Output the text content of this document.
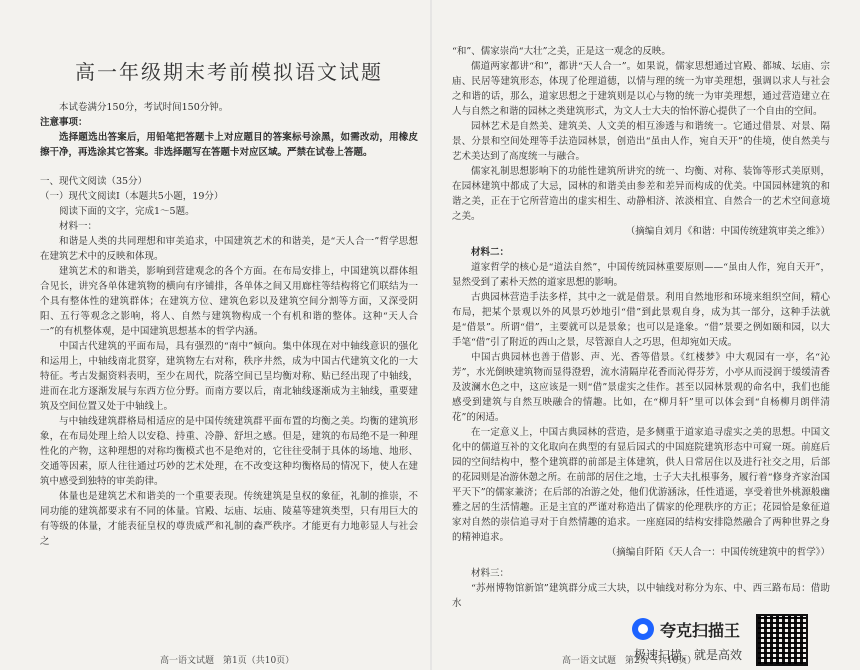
高一年级期末考前模拟语文试题

本试卷满分150分，考试时间150分钟。

注意事项：

选择题选出答案后，用铅笔把答题卡上对应题目的答案标号涂黑，如需改动，用橡皮擦干净，再选涂其它答案。非选择题写在答题卡对应区域。严禁在试卷上答题。

一、现代文阅读（35分）

（一）现代文阅读Ⅰ（本题共5小题，19分）

阅读下面的文字，完成1～5题。

材料一：

和谐是人类的共同理想和审美追求，中国建筑艺术的和谐美，是“天人合一”哲学思想在建筑艺术中的反映和体现。

建筑艺术的和谐美，影响到营建观念的各个方面。在布局安排上，中国建筑以群体组合见长，讲究各单体建筑物的横向有序铺排，各单体之间又用廊柱等结构将它们联结为一个具有整体性的建筑群体；在建筑方位、建筑色彩以及建筑空间分割等方面，又深受阴阳、五行等观念之影响，将人、自然与建筑物构成一个有机和谐的整体。这种“天人合一”的有机整体观，是中国建筑思想基本的哲学内涵。

中国古代建筑的平面布局，具有强烈的“南中”倾向。集中体现在对中轴线意识的强化和运用上，中轴线南北贯穿，建筑物左右对称，秩序井然，成为中国古代建筑文化的一大特征。考古发掘资料表明，至少在周代，院落空间已呈均衡对称、贴已经出现了中轴线，进而在北方逐渐发展与东西方位分野。而南方要以后，南北轴线逐渐成为主轴线，重要建筑及空间位置又处于中轴线上。

与中轴线建筑群格局相适应的是中国传统建筑群平面布置的均衡之美。均衡的建筑形象，在布局处理上给人以安稳、持重、冷静、舒坦之感。但是，建筑的布局绝不是一种理性化的产物，这种理想的对称均衡模式也不是绝对的，它往往受制于具体的场地、地形、交通等因素，原人往往通过巧妙的艺术处理，在不改变这种均衡格局的情况下，使人在建筑中感受到独特的审美韵律。

体量也是建筑艺术和谐美的一个重要表现。传统建筑是皇权的象征，礼制的推崇，不同功能的建筑都要求有不同的体量。官殿、坛庙、坛庙、陵墓等建筑类型，只有用巨大的有等级的体量，才能表征皇权的尊贵威严和礼制的森严秩序。才能更有力地彰显人与社会之

高一语文试题　第1页（共10页）

“和”、儒家崇尚“大壮”之美，正是这一观念的反映。

儒道两家都讲“和”，都讲“天人合一”。如果说，儒家思想通过官殿、都城、坛庙、宗庙、民居等建筑形态，体现了伦理道德，以情与理的统一为审美理想，强调以求人与社会之和谐的话，那么，道家思想之于建筑则是以心与物的统一为审美理想，通过营造建立在人与自然之和谐的园林之类建筑形式，为文人士大夫的怡怀游心提供了一个自由的空间。

园林艺术是自然美、建筑美、人文美的相互渗透与和谐统一。它通过借景、对景、隔景、分景和空间处理等手法造园林景，创造出“虽由人作，宛自天开”的佳境，使自然美与艺术美达到了高度统一与融合。

儒家礼制思想影响下的功能性建筑所讲究的统一、均衡、对称、装饰等形式美原则，在园林建筑中都成了大忌，园林的和谐美由参差和差异而构成的优美。中国园林建筑的和谐之美，正在于它所营造出的虚实相生、动静相济、浓淡相宜、自然合一的艺术空间意境之美。

（摘编自刘月《和谐：中国传统建筑审美之维》）

材料二：

道家哲学的核心是“道法自然”，中国传统园林重要原则——“虽由人作，宛自天开”，显然受到了素朴天然的道家思想的影响。

古典园林营造手法多样，其中之一就是借景。利用自然地形和环境来组织空间，精心布局，把某个景观以外的风景巧妙地引“借”到此景观自身，成为其一部分，这种手法就是“借景”。所谓“借”，主要就可以是景象；也可以是逢象。“借”景要之例如颐和园，以大手笔“借”引了附近的西山之景，尽管源自人之巧思，但却宛如天成。

中国古典园林也善于借影、声、光、香等借景。《红楼梦》中大观园有一亭，名“沁芳”，水光倒映建筑物而显得澄碧，流水清隔岸花香而沁得芬芳，小亭从而浸润于缓缓清香及波澜水色之中，这应该是一则“借”景虚实之佳作。甚至以园林景观的命名中，我们也能感受到建筑与自然互映融合的情趣。比如，在“柳月轩”里可以体会到“自杨柳月朗伴清花”的闲适。

在一定意义上，中国古典园林的营造，是多侧重于道家追寻虚实之美的思想。中国文化中的儒道互补的文化取向在典型的有显后园式的中国庭院建筑形态中可窥一斑。前庭后园的空间结构中，整个建筑群的前部是主体建筑，供人日常居住以及进行社交之用，后部的花园则是冶游休憩之所。在前部的居住之地，士子大夫扎根事务，履行着“修身齐家治国平天下”的儒家兼济；在后部的冶游之处，他们优游涵泳，任性逍遥，享受着世外桃源般幽雅之居的生活情趣。正是主宜的严谨对称造出了儒家的伦理秩序的方正；花园恰是象征道家对自然的崇信追寻对于自然情趣的追求。一座庭园的结构安排隐然融合了两种世界之身的精神追求。

（摘编自阡陌《天人合一：中国传统建筑中的哲学》）

材料三：

“苏州博物馆新馆”建筑群分成三大块，以中轴线对称分为东、中、西三路布局：借助水

高一语文试题　第2页（共10页）
夸克扫描王
极速扫描，就是高效
